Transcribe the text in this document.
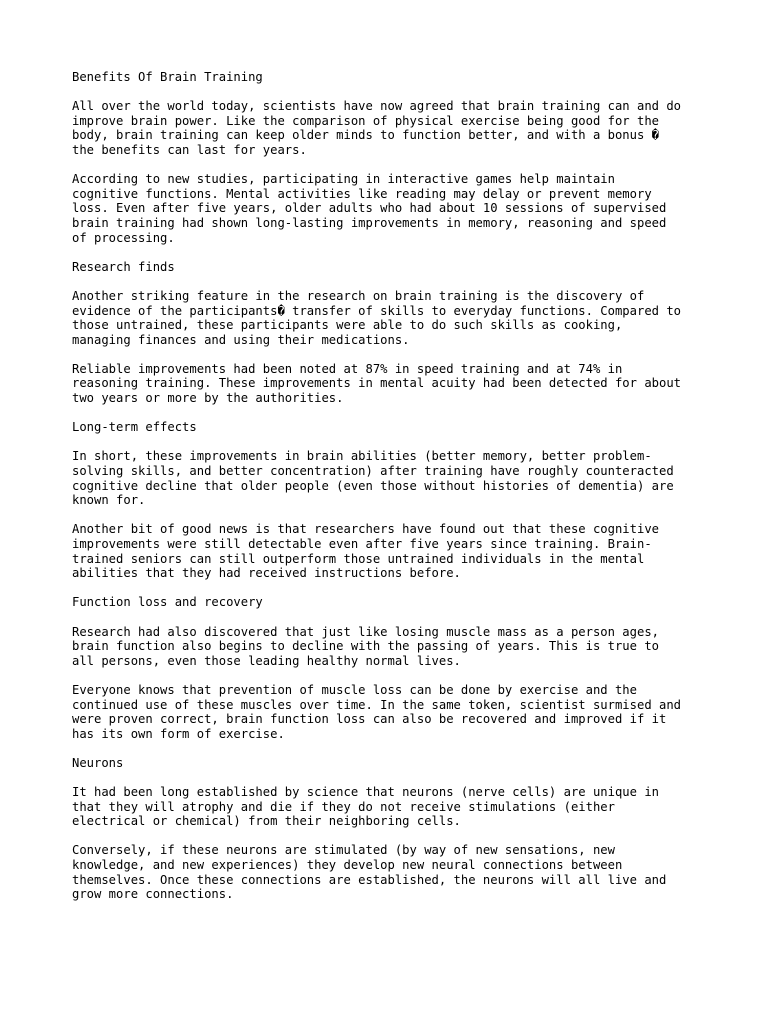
Benefits Of Brain Training
All over the world today, scientists have now agreed that brain training can and do
improve brain power. Like the comparison of physical exercise being good for the
body, brain training can keep older minds to function better, and with a bonus �
the benefits can last for years.
According to new studies, participating in interactive games help maintain
cognitive functions. Mental activities like reading may delay or prevent memory
loss. Even after five years, older adults who had about 10 sessions of supervised
brain training had shown long-lasting improvements in memory, reasoning and speed
of processing.
Research finds
Another striking feature in the research on brain training is the discovery of
evidence of the participants� transfer of skills to everyday functions. Compared to
those untrained, these participants were able to do such skills as cooking,
managing finances and using their medications.
Reliable improvements had been noted at 87% in speed training and at 74% in
reasoning training. These improvements in mental acuity had been detected for about
two years or more by the authorities.
Long-term effects
In short, these improvements in brain abilities (better memory, better problem-
solving skills, and better concentration) after training have roughly counteracted
cognitive decline that older people (even those without histories of dementia) are
known for.
Another bit of good news is that researchers have found out that these cognitive
improvements were still detectable even after five years since training. Brain-
trained seniors can still outperform those untrained individuals in the mental
abilities that they had received instructions before.
Function loss and recovery
Research had also discovered that just like losing muscle mass as a person ages,
brain function also begins to decline with the passing of years. This is true to
all persons, even those leading healthy normal lives.
Everyone knows that prevention of muscle loss can be done by exercise and the
continued use of these muscles over time. In the same token, scientist surmised and
were proven correct, brain function loss can also be recovered and improved if it
has its own form of exercise.
Neurons
It had been long established by science that neurons (nerve cells) are unique in
that they will atrophy and die if they do not receive stimulations (either
electrical or chemical) from their neighboring cells.
Conversely, if these neurons are stimulated (by way of new sensations, new
knowledge, and new experiences) they develop new neural connections between
themselves. Once these connections are established, the neurons will all live and
grow more connections.
